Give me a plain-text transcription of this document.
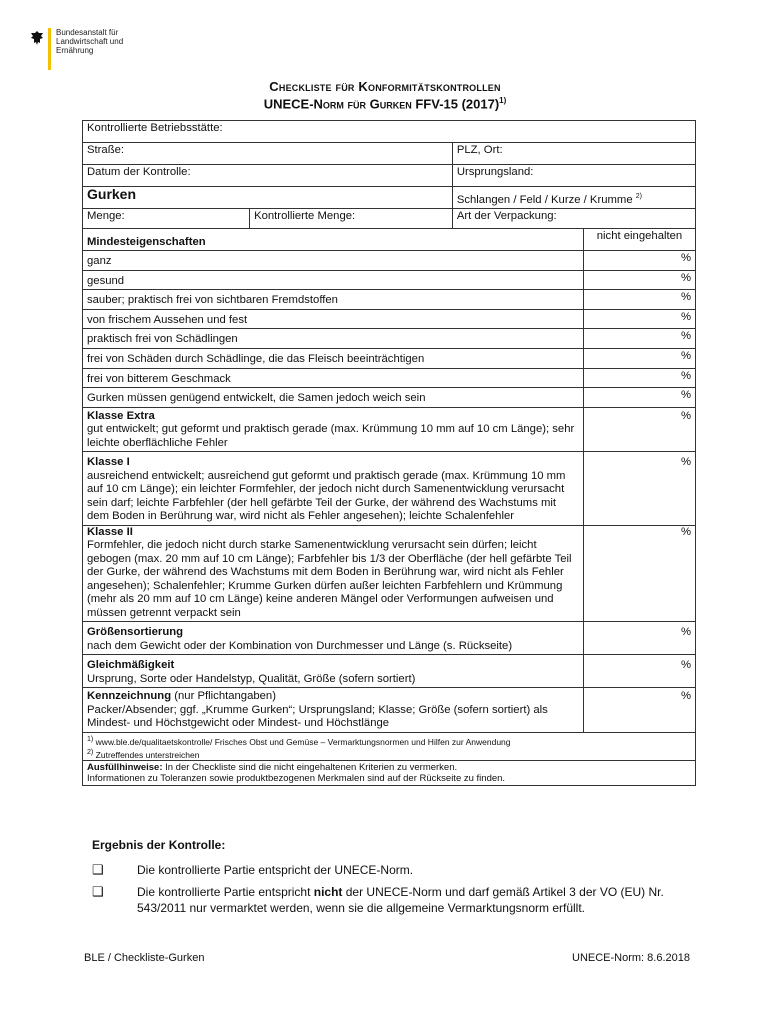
Bundesanstalt für
Landwirtschaft und Ernährung
Checkliste für Konformitätskontrollen
UNECE-Norm für Gurken FFV-15 $(2017)^{1)}$
Kontrollierte Betriebsstätte:			
Straße:		PLZ, Ort:	
Datum der Kontrolle:		Ursprungsland:	
Gurken		Schlangen / Feld / Kurze / Krumme $^{2)}$
Menge:	Kontrollierte Menge:	Art der Verpackung:	
Mindesteigenschaften			nicht eingehalten
ganz			%
gesund			%
sauber; praktisch frei von sichtbaren Fremdstoffen			%
von frischem Aussehen und fest			%
praktisch frei von Schädlingen			%
frei von Schäden durch Schädlinge, die das Fleisch beeinträchtigen			%
frei von bitterem Geschmack			%
Gurken müssen genügend entwickelt, die Samen jedoch weich sein			%

Klasse Extra
gut entwickelt; gut geformt und praktisch gerade (max. Krümmung 10 mm auf 10 cm Länge); sehr leichte oberflächliche Fehler			%

Klasse I
ausreichend entwickelt; ausreichend gut geformt und praktisch gerade (max. Krümmung 10 mm auf 10 cm Länge); ein leichter Formfehler, der jedoch nicht durch Samenentwicklung verursacht sein darf; leichte Farbfehler (der hell gefärbte Teil der Gurke, der während des Wachstums mit dem Boden in Berührung war, wird nicht als Fehler angesehen); leichte Schalenfehler			%

Klasse II
Formfehler, die jedoch nicht durch starke Samenentwicklung verursacht sein dürfen; leicht gebogen (max. 20 mm auf 10 cm Länge); Farbfehler bis 1/3 der Oberfläche (der hell gefärbte Teil der Gurke, der während des Wachstums mit dem Boden in Berührung war, wird nicht als Fehler angesehen); Schalenfehler; Krumme Gurken dürfen außer leichten Farbfehlern und Krümmung (mehr als 20 mm auf 10 cm Länge) keine anderen Mängel oder Verformungen aufweisen und müssen getrennt verpackt sein			%

Größensortierung
nach dem Gewicht oder der Kombination von Durchmesser und Länge (s. Rückseite)			%

Gleichmäßigkeit
Ursprung, Sorte oder Handelstyp, Qualität, Größe (sofern sortiert)			%

Kennzeichnung (nur Pflichtangaben)
Packer/Absender; ggf. „Krumme Gurken“; Ursprungsland; Klasse; Größe (sofern sortiert) als Mindest- und Höchstgewicht oder Mindest- und Höchstlänge			%

$^{1)}$ www.ble.de/qualitaetskontrolle/ Frisches Obst und Gemüse – Vermarktungsnormen und Hilfen zur Anwendung
$^{2)}$ Zutreffendes unterstreichen			

Ausfüllhinweise: In der Checkliste sind die nicht eingehaltenen Kriterien zu vermerken.
Informationen zu Toleranzen sowie produktbezogenen Merkmalen sind auf der Rückseite zu finden.			
Ergebnis der Kontrolle:
❑	Die kontrollierte Partie entspricht der UNECE-Norm.
❑	Die kontrollierte Partie entspricht nicht der UNECE-Norm und darf gemäß Artikel 3 der VO (EU) Nr. 543/2011 nur vermarktet werden, wenn sie die allgemeine Vermarktungsnorm erfüllt.
BLE / Checkliste-Gurken	UNECE-Norm: 8.6.2018
